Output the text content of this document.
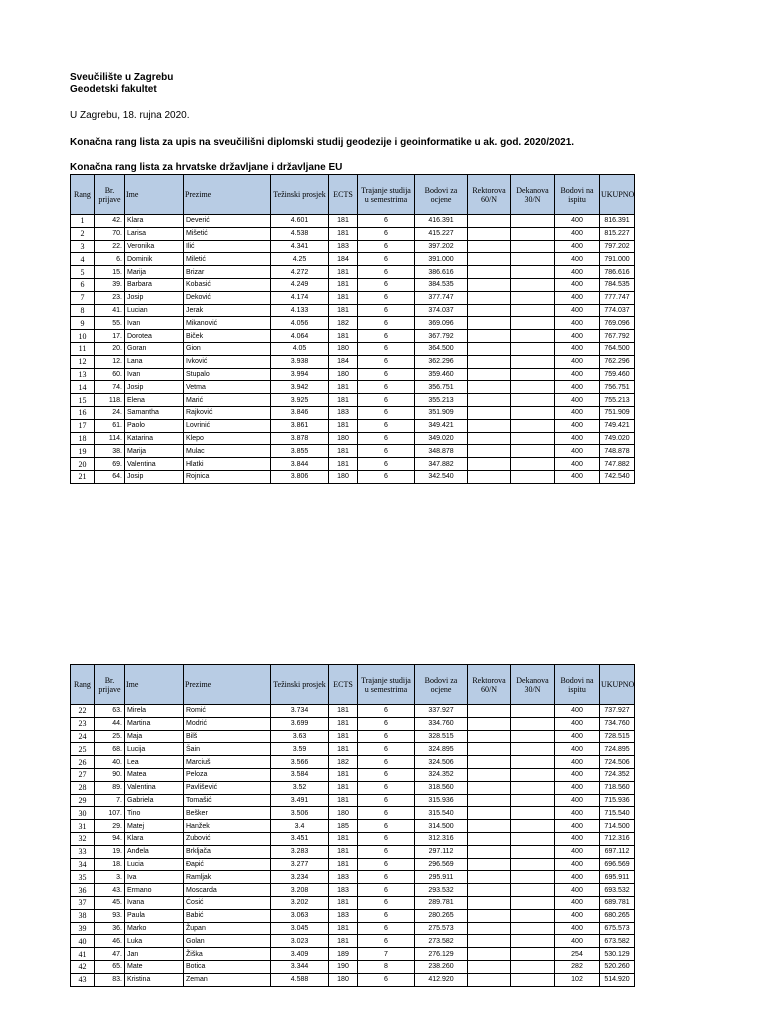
Sveučilište u Zagrebu
Geodetski fakultet
U Zagrebu, 18. rujna 2020.
Konačna rang lista za upis na sveučilišni diplomski studij geodezije i geoinformatike u ak. god. 2020/2021.
Konačna rang lista za hrvatske državljane i državljane EU
Rang	Br. prijave	Ime	Prezime	Težinski prosjek	ECTS	Trajanje studija u semestrima	Bodovi za ocjene	Rektorova 60/N	Dekanova 30/N	Bodovi na ispitu	UKUPNO
1	42.	Klara	Deverić	4.601	181	6	416.391			400	816.391
2	70.	Larisa	Mišetić	4.538	181	6	415.227			400	815.227
3	22.	Veronika	Ilić	4.341	183	6	397.202			400	797.202
4	6.	Dominik	Miletić	4.25	184	6	391.000			400	791.000
5	15.	Marija	Brizar	4.272	181	6	386.616			400	786.616
6	39.	Barbara	Kobasić	4.249	181	6	384.535			400	784.535
7	23.	Josip	Deković	4.174	181	6	377.747			400	777.747
8	41.	Lucian	Jerak	4.133	181	6	374.037			400	774.037
9	55.	Ivan	Mikanović	4.056	182	6	369.096			400	769.096
10	17.	Dorotea	Biček	4.064	181	6	367.792			400	767.792
11	20.	Goran	Gion	4.05	180	6	364.500			400	764.500
12	12.	Lana	Ivković	3.938	184	6	362.296			400	762.296
13	60.	Ivan	Stupalo	3.994	180	6	359.460			400	759.460
14	74.	Josip	Vetma	3.942	181	6	356.751			400	756.751
15	118.	Elena	Marić	3.925	181	6	355.213			400	755.213
16	24.	Samantha	Rajković	3.846	183	6	351.909			400	751.909
17	61.	Paolo	Lovrinić	3.861	181	6	349.421			400	749.421
18	114.	Katarina	Klepo	3.878	180	6	349.020			400	749.020
19	38.	Marija	Mulac	3.855	181	6	348.878			400	748.878
20	69.	Valentina	Hlatki	3.844	181	6	347.882			400	747.882
21	64.	Josip	Rojnica	3.806	180	6	342.540			400	742.540
Rang	Br. prijave	Ime	Prezime	Težinski prosjek	ECTS	Trajanje studija u semestrima	Bodovi za ocjene	Rektorova 60/N	Dekanova 30/N	Bodovi na ispitu	UKUPNO
22	63.	Mirela	Romić	3.734	181	6	337.927			400	737.927
23	44.	Martina	Modrić	3.699	181	6	334.760			400	734.760
24	25.	Maja	Bilš	3.63	181	6	328.515			400	728.515
25	68.	Lucija	Šain	3.59	181	6	324.895			400	724.895
26	40.	Lea	Marciuš	3.566	182	6	324.506			400	724.506
27	90.	Matea	Peloza	3.584	181	6	324.352			400	724.352
28	89.	Valentina	Pavlišević	3.52	181	6	318.560			400	718.560
29	7.	Gabriela	Tomašić	3.491	181	6	315.936			400	715.936
30	107.	Tino	Bešker	3.506	180	6	315.540			400	715.540
31	29.	Matej	Hanžek	3.4	185	6	314.500			400	714.500
32	94.	Klara	Zubović	3.451	181	6	312.316			400	712.316
33	19.	Anđela	Brkljača	3.283	181	6	297.112			400	697.112
34	18.	Lucia	Đapić	3.277	181	6	296.569			400	696.569
35	3.	Iva	Ramljak	3.234	183	6	295.911			400	695.911
36	43.	Ermano	Moscarda	3.208	183	6	293.532			400	693.532
37	45.	Ivana	Ćosić	3.202	181	6	289.781			400	689.781
38	93.	Paula	Babić	3.063	183	6	280.265			400	680.265
39	36.	Marko	Župan	3.045	181	6	275.573			400	675.573
40	46.	Luka	Golan	3.023	181	6	273.582			400	673.582
41	47.	Jan	Žiška	3.409	189	7	276.129			254	530.129
42	65.	Mate	Botica	3.344	190	8	238.260			282	520.260
43	83.	Kristina	Zeman	4.588	180	6	412.920			102	514.920
